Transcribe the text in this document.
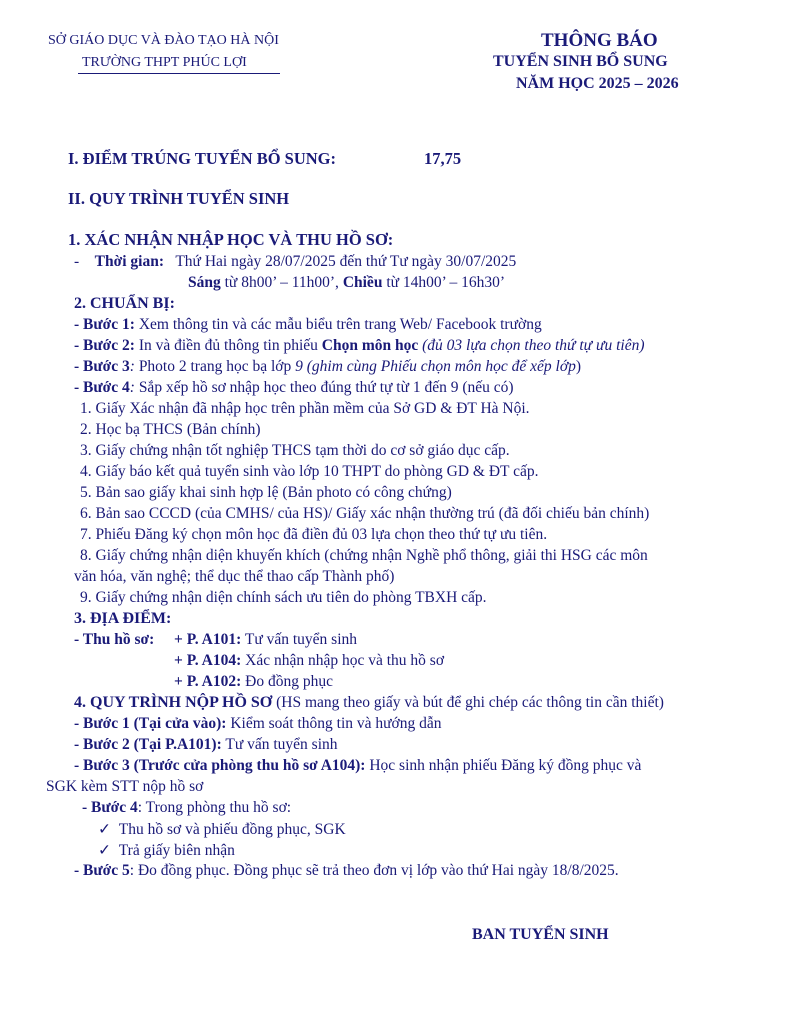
SỞ GIÁO DỤC VÀ ĐÀO TẠO HÀ NỘI
TRƯỜNG THPT PHÚC LỢI
THÔNG BÁO
TUYỂN SINH BỔ SUNG
NĂM HỌC 2025 – 2026
I. ĐIỂM TRÚNG TUYỂN BỔ SUNG:	17,75
II. QUY TRÌNH TUYỂN SINH
1. XÁC NHẬN NHẬP HỌC VÀ THU HỒ SƠ:
- Thời gian: Thứ Hai ngày 28/07/2025 đến thứ Tư ngày 30/07/2025
Sáng từ 8h00’ – 11h00’, Chiều từ 14h00’ – 16h30’
2. CHUẨN BỊ:
- Bước 1: Xem thông tin và các mẫu biểu trên trang Web/ Facebook trường
- Bước 2: In và điền đủ thông tin phiếu Chọn môn học (đủ 03 lựa chọn theo thứ tự ưu tiên)
- Bước 3: Photo 2 trang học bạ lớp 9 (ghim cùng Phiếu chọn môn học để xếp lớp)
- Bước 4: Sắp xếp hồ sơ nhập học theo đúng thứ tự từ 1 đến 9 (nếu có)
1. Giấy Xác nhận đã nhập học trên phần mềm của Sở GD & ĐT Hà Nội.
2. Học bạ THCS (Bản chính)
3. Giấy chứng nhận tốt nghiệp THCS tạm thời do cơ sở giáo dục cấp.
4. Giấy báo kết quả tuyển sinh vào lớp 10 THPT do phòng GD & ĐT cấp.
5. Bản sao giấy khai sinh hợp lệ (Bản photo có công chứng)
6. Bản sao CCCD (của CMHS/ của HS)/ Giấy xác nhận thường trú (đã đối chiếu bản chính)
7. Phiếu Đăng ký chọn môn học đã điền đủ 03 lựa chọn theo thứ tự ưu tiên.
8. Giấy chứng nhận diện khuyến khích (chứng nhận Nghề phổ thông, giải thi HSG các môn
văn hóa, văn nghệ; thể dục thể thao cấp Thành phố)
9. Giấy chứng nhận diện chính sách ưu tiên do phòng TBXH cấp.
3. ĐỊA ĐIỂM:
- Thu hồ sơ: + P. A101: Tư vấn tuyển sinh
+ P. A104: Xác nhận nhập học và thu hồ sơ
+ P. A102: Đo đồng phục
4. QUY TRÌNH NỘP HỒ SƠ (HS mang theo giấy và bút để ghi chép các thông tin cần thiết)
- Bước 1 (Tại cửa vào): Kiểm soát thông tin và hướng dẫn
- Bước 2 (Tại P.A101): Tư vấn tuyển sinh
- Bước 3 (Trước cửa phòng thu hồ sơ A104): Học sinh nhận phiếu Đăng ký đồng phục và
SGK kèm STT nộp hồ sơ
- Bước 4: Trong phòng thu hồ sơ:
✓ Thu hồ sơ và phiếu đồng phục, SGK
✓ Trả giấy biên nhận
- Bước 5: Đo đồng phục. Đồng phục sẽ trả theo đơn vị lớp vào thứ Hai ngày 18/8/2025.
BAN TUYỂN SINH
